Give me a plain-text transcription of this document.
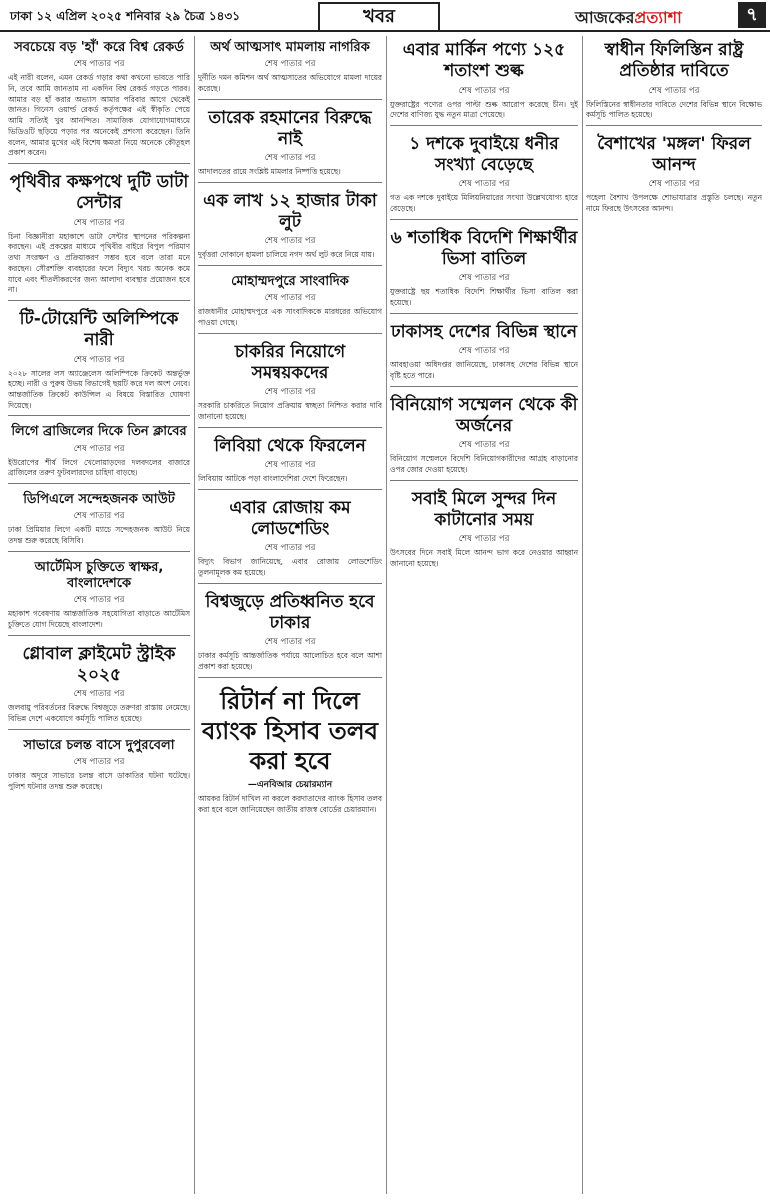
ঢাকা ১২ এপ্রিল ২০২৫ শনিবার ২৯ চৈত্র ১৪৩১	খবর	আজকেরপ্রত্যাশা	৭
সবচেয়ে বড় 'হাঁ' করে বিশ্ব রেকর্ড
শেষ পাতার পর

এই নারী বলেন, এমন রেকর্ড গড়ার কথা কখনো ভাবতে পারি নি, তবে আমি জানতাম না একদিন বিশ্ব রেকর্ড গড়তে পারব। আমার বড় হাঁ করার অভ্যাস আমার পরিবার আগে থেকেই জানত। গিনেস ওয়ার্ল্ড রেকর্ড কর্তৃপক্ষের এই স্বীকৃতি পেয়ে আমি সত্যিই খুব আনন্দিত। সামাজিক যোগাযোগমাধ্যমে ভিডিওটি ছড়িয়ে পড়ার পর অনেকেই প্রশংসা করেছেন। তিনি বলেন, আমার মুখের এই বিশেষ ক্ষমতা নিয়ে অনেকে কৌতূহল প্রকাশ করেন।

পৃথিবীর কক্ষপথে দুটি ডাটা সেন্টার
শেষ পাতার পর

চিনা বিজ্ঞানীরা মহাকাশে ডাটা সেন্টার স্থাপনের পরিকল্পনা করছেন। এই প্রকল্পের মাধ্যমে পৃথিবীর বাইরে বিপুল পরিমাণ তথ্য সংরক্ষণ ও প্রক্রিয়াকরণ সম্ভব হবে বলে তারা মনে করছেন। সৌরশক্তি ব্যবহারের ফলে বিদ্যুৎ খরচ অনেক কমে যাবে এবং শীতলীকরণের জন্য আলাদা ব্যবস্থার প্রয়োজন হবে না।

টি-টোয়েন্টি অলিম্পিকে নারী
শেষ পাতার পর

২০২৮ সালের লস অ্যাঞ্জেলেস অলিম্পিকে ক্রিকেট অন্তর্ভুক্ত হচ্ছে। নারী ও পুরুষ উভয় বিভাগেই ছয়টি করে দল অংশ নেবে। আন্তর্জাতিক ক্রিকেট কাউন্সিল এ বিষয়ে বিস্তারিত ঘোষণা দিয়েছে।

লিগে ব্রাজিলের দিকে তিন ক্লাবের
শেষ পাতার পর

ইউরোপের শীর্ষ লিগে খেলোয়াড়দের দলবদলের বাজারে ব্রাজিলের তরুণ ফুটবলারদের চাহিদা বাড়ছে।

ডিপিএলে সন্দেহজনক আউট
শেষ পাতার পর

ঢাকা প্রিমিয়ার লিগে একটি ম্যাচে সন্দেহজনক আউট নিয়ে তদন্ত শুরু করেছে বিসিবি।

আর্টেমিস চুক্তিতে স্বাক্ষর, বাংলাদেশকে
শেষ পাতার পর

মহাকাশ গবেষণায় আন্তর্জাতিক সহযোগিতা বাড়াতে আর্টেমিস চুক্তিতে যোগ দিয়েছে বাংলাদেশ।

গ্লোবাল ক্লাইমেট স্ট্রাইক ২০২৫
শেষ পাতার পর

জলবায়ু পরিবর্তনের বিরুদ্ধে বিশ্বজুড়ে তরুণরা রাস্তায় নেমেছে। বিভিন্ন দেশে একযোগে কর্মসূচি পালিত হয়েছে।

সাভারে চলন্ত বাসে দুপুরবেলা
শেষ পাতার পর

ঢাকার অদূরে সাভারে চলন্ত বাসে ডাকাতির ঘটনা ঘটেছে। পুলিশ ঘটনার তদন্ত শুরু করেছে।

অর্থ আত্মসাৎ মামলায় নাগরিক
শেষ পাতার পর

দুর্নীতি দমন কমিশন অর্থ আত্মসাতের অভিযোগে মামলা দায়ের করেছে।

তারেক রহমানের বিরুদ্ধে নাই
শেষ পাতার পর

আদালতের রায়ে সংশ্লিষ্ট মামলার নিষ্পত্তি হয়েছে।

এক লাখ ১২ হাজার টাকা লুট
শেষ পাতার পর

দুর্বৃত্তরা দোকানে হামলা চালিয়ে নগদ অর্থ লুট করে নিয়ে যায়।

মোহাম্মদপুরে সাংবাদিক
শেষ পাতার পর

রাজধানীর মোহাম্মদপুরে এক সাংবাদিককে মারধরের অভিযোগ পাওয়া গেছে।

চাকরির নিয়োগে সমন্বয়কদের
শেষ পাতার পর

সরকারি চাকরিতে নিয়োগ প্রক্রিয়ায় স্বচ্ছতা নিশ্চিত করার দাবি জানানো হয়েছে।

লিবিয়া থেকে ফিরলেন
শেষ পাতার পর

লিবিয়ায় আটকে পড়া বাংলাদেশিরা দেশে ফিরেছেন।

এবার রোজায় কম লোডশেডিং
শেষ পাতার পর

বিদ্যুৎ বিভাগ জানিয়েছে, এবার রোজায় লোডশেডিং তুলনামূলক কম হয়েছে।

বিশ্বজুড়ে প্রতিধ্বনিত হবে ঢাকার
শেষ পাতার পর

ঢাকার কর্মসূচি আন্তর্জাতিক পর্যায়ে আলোচিত হবে বলে আশা প্রকাশ করা হয়েছে।

রিটার্ন না দিলে ব্যাংক হিসাব তলব করা হবে
—এনবিআর চেয়ারম্যান

আয়কর রিটার্ন দাখিল না করলে করদাতাদের ব্যাংক হিসাব তলব করা হবে বলে জানিয়েছেন জাতীয় রাজস্ব বোর্ডের চেয়ারম্যান।

এবার মার্কিন পণ্যে ১২৫ শতাংশ শুল্ক
শেষ পাতার পর

যুক্তরাষ্ট্রের পণ্যের ওপর পাল্টা শুল্ক আরোপ করেছে চীন। দুই দেশের বাণিজ্য যুদ্ধ নতুন মাত্রা পেয়েছে।

১ দশকে দুবাইয়ে ধনীর সংখ্যা বেড়েছে
শেষ পাতার পর

গত এক দশকে দুবাইয়ে মিলিয়নিয়ারের সংখ্যা উল্লেখযোগ্য হারে বেড়েছে।

৬ শতাধিক বিদেশি শিক্ষার্থীর ভিসা বাতিল
শেষ পাতার পর

যুক্তরাষ্ট্রে ছয় শতাধিক বিদেশি শিক্ষার্থীর ভিসা বাতিল করা হয়েছে।

ঢাকাসহ দেশের বিভিন্ন স্থানে
শেষ পাতার পর

আবহাওয়া অধিদপ্তর জানিয়েছে, ঢাকাসহ দেশের বিভিন্ন স্থানে বৃষ্টি হতে পারে।

বিনিয়োগ সম্মেলন থেকে কী অর্জনের
শেষ পাতার পর

বিনিয়োগ সম্মেলনে বিদেশি বিনিয়োগকারীদের আগ্রহ বাড়ানোর ওপর জোর দেওয়া হয়েছে।

সবাই মিলে সুন্দর দিন কাটানোর সময়
শেষ পাতার পর

উৎসবের দিনে সবাই মিলে আনন্দ ভাগ করে নেওয়ার আহ্বান জানানো হয়েছে।

স্বাধীন ফিলিস্তিন রাষ্ট্র প্রতিষ্ঠার দাবিতে
শেষ পাতার পর

ফিলিস্তিনের স্বাধীনতার দাবিতে দেশের বিভিন্ন স্থানে বিক্ষোভ কর্মসূচি পালিত হয়েছে।

বৈশাখের 'মঙ্গল' ফিরল আনন্দ
শেষ পাতার পর

পহেলা বৈশাখ উপলক্ষে শোভাযাত্রার প্রস্তুতি চলছে। নতুন নামে ফিরছে উৎসবের আনন্দ।
